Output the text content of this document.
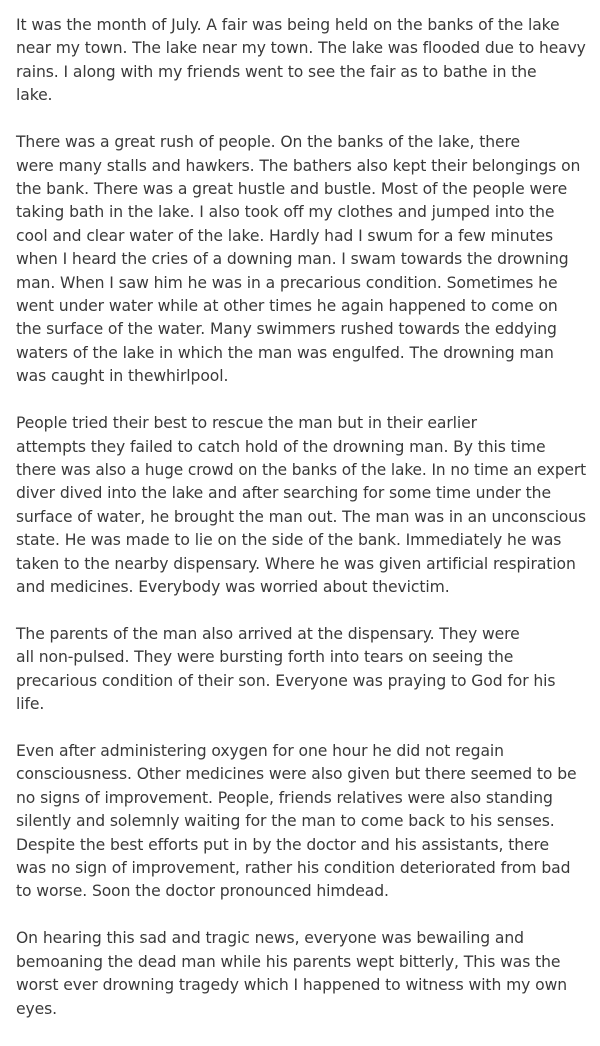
It was the month of July. A fair was being held on the banks of the lake
near my town. The lake near my town. The lake was flooded due to heavy
rains. I along with my friends went to see the fair as to bathe in the
lake.

There was a great rush of people. On the banks of the lake, there
were many stalls and hawkers. The bathers also kept their belongings on
the bank. There was a great hustle and bustle. Most of the people were
taking bath in the lake. I also took off my clothes and jumped into the
cool and clear water of the lake. Hardly had I swum for a few minutes
when I heard the cries of a downing man. I swam towards the drowning
man. When I saw him he was in a precarious condition. Sometimes he
went under water while at other times he again happened to come on
the surface of the water. Many swimmers rushed towards the eddying
waters of the lake in which the man was engulfed. The drowning man
was caught in thewhirlpool.

People tried their best to rescue the man but in their earlier
attempts they failed to catch hold of the drowning man. By this time
there was also a huge crowd on the banks of the lake. In no time an expert
diver dived into the lake and after searching for some time under the
surface of water, he brought the man out. The man was in an unconscious
state. He was made to lie on the side of the bank. Immediately he was
taken to the nearby dispensary. Where he was given artificial respiration
and medicines. Everybody was worried about thevictim.

The parents of the man also arrived at the dispensary. They were
all non-pulsed. They were bursting forth into tears on seeing the
precarious condition of their son. Everyone was praying to God for his
life.

Even after administering oxygen for one hour he did not regain
consciousness. Other medicines were also given but there seemed to be
no signs of improvement. People, friends relatives were also standing
silently and solemnly waiting for the man to come back to his senses.
Despite the best efforts put in by the doctor and his assistants, there
was no sign of improvement, rather his condition deteriorated from bad
to worse. Soon the doctor pronounced himdead.

On hearing this sad and tragic news, everyone was bewailing and
bemoaning the dead man while his parents wept bitterly, This was the
worst ever drowning tragedy which I happened to witness with my own
eyes.
